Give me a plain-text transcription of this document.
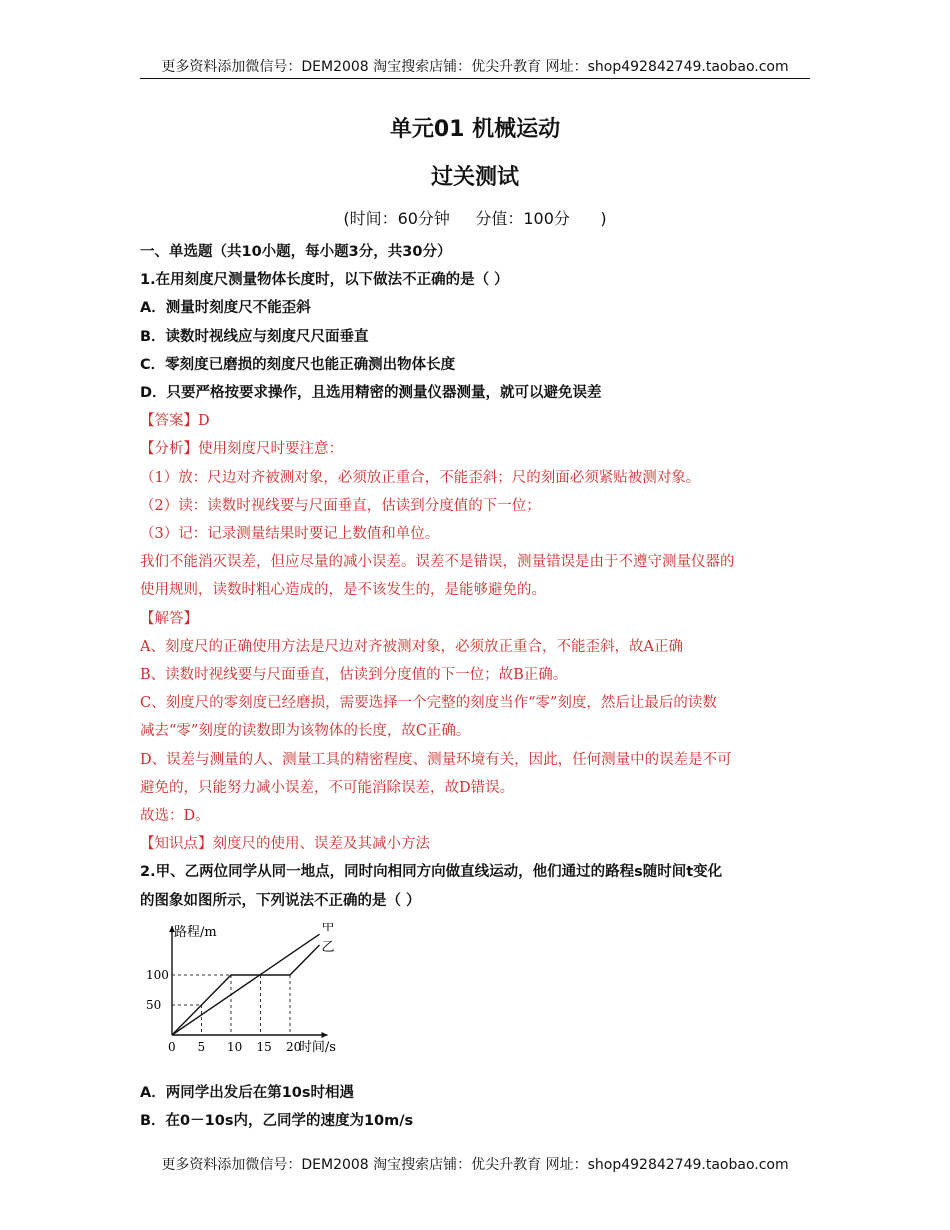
更多资料添加微信号：DEM2008 淘宝搜索店铺：优尖升教育 网址：shop492842749.taobao.com
单元01 机械运动
过关测试
(时间：60分钟     分值：100分      )

一、单选题（共10小题，每小题3分，共30分）

1.在用刻度尺测量物体长度时，以下做法不正确的是（ ）

A．测量时刻度尺不能歪斜

B．读数时视线应与刻度尺尺面垂直

C．零刻度已磨损的刻度尺也能正确测出物体长度

D．只要严格按要求操作，且选用精密的测量仪器测量，就可以避免误差

【答案】D

【分析】使用刻度尺时要注意：

（1）放：尺边对齐被测对象，必须放正重合，不能歪斜；尺的刻面必须紧贴被测对象。

（2）读：读数时视线要与尺面垂直，估读到分度值的下一位；

（3）记：记录测量结果时要记上数值和单位。

我们不能消灭误差，但应尽量的减小误差。误差不是错误，测量错误是由于不遵守测量仪器的

使用规则，读数时粗心造成的，是不该发生的，是能够避免的。

【解答】

A、刻度尺的正确使用方法是尺边对齐被测对象，必须放正重合，不能歪斜，故A正确

B、读数时视线要与尺面垂直，估读到分度值的下一位；故B正确。

C、刻度尺的零刻度已经磨损，需要选择一个完整的刻度当作“零”刻度，然后让最后的读数

减去“零”刻度的读数即为该物体的长度，故C正确。

D、误差与测量的人、测量工具的精密程度、测量环境有关，因此，任何测量中的误差是不可

避免的，只能努力减小误差，不可能消除误差，故D错误。

故选：D。

【知识点】刻度尺的使用、误差及其减小方法

2.甲、乙两位同学从同一地点，同时向相同方向做直线运动，他们通过的路程s随时间t变化

的图象如图所示，下列说法不正确的是（ ）

路程/m
时间/s
0 5 10 15 20
50
100
甲
乙

A．两同学出发后在第10s时相遇

B．在0－10s内，乙同学的速度为10m/s

更多资料添加微信号：DEM2008 淘宝搜索店铺：优尖升教育 网址：shop492842749.taobao.com
